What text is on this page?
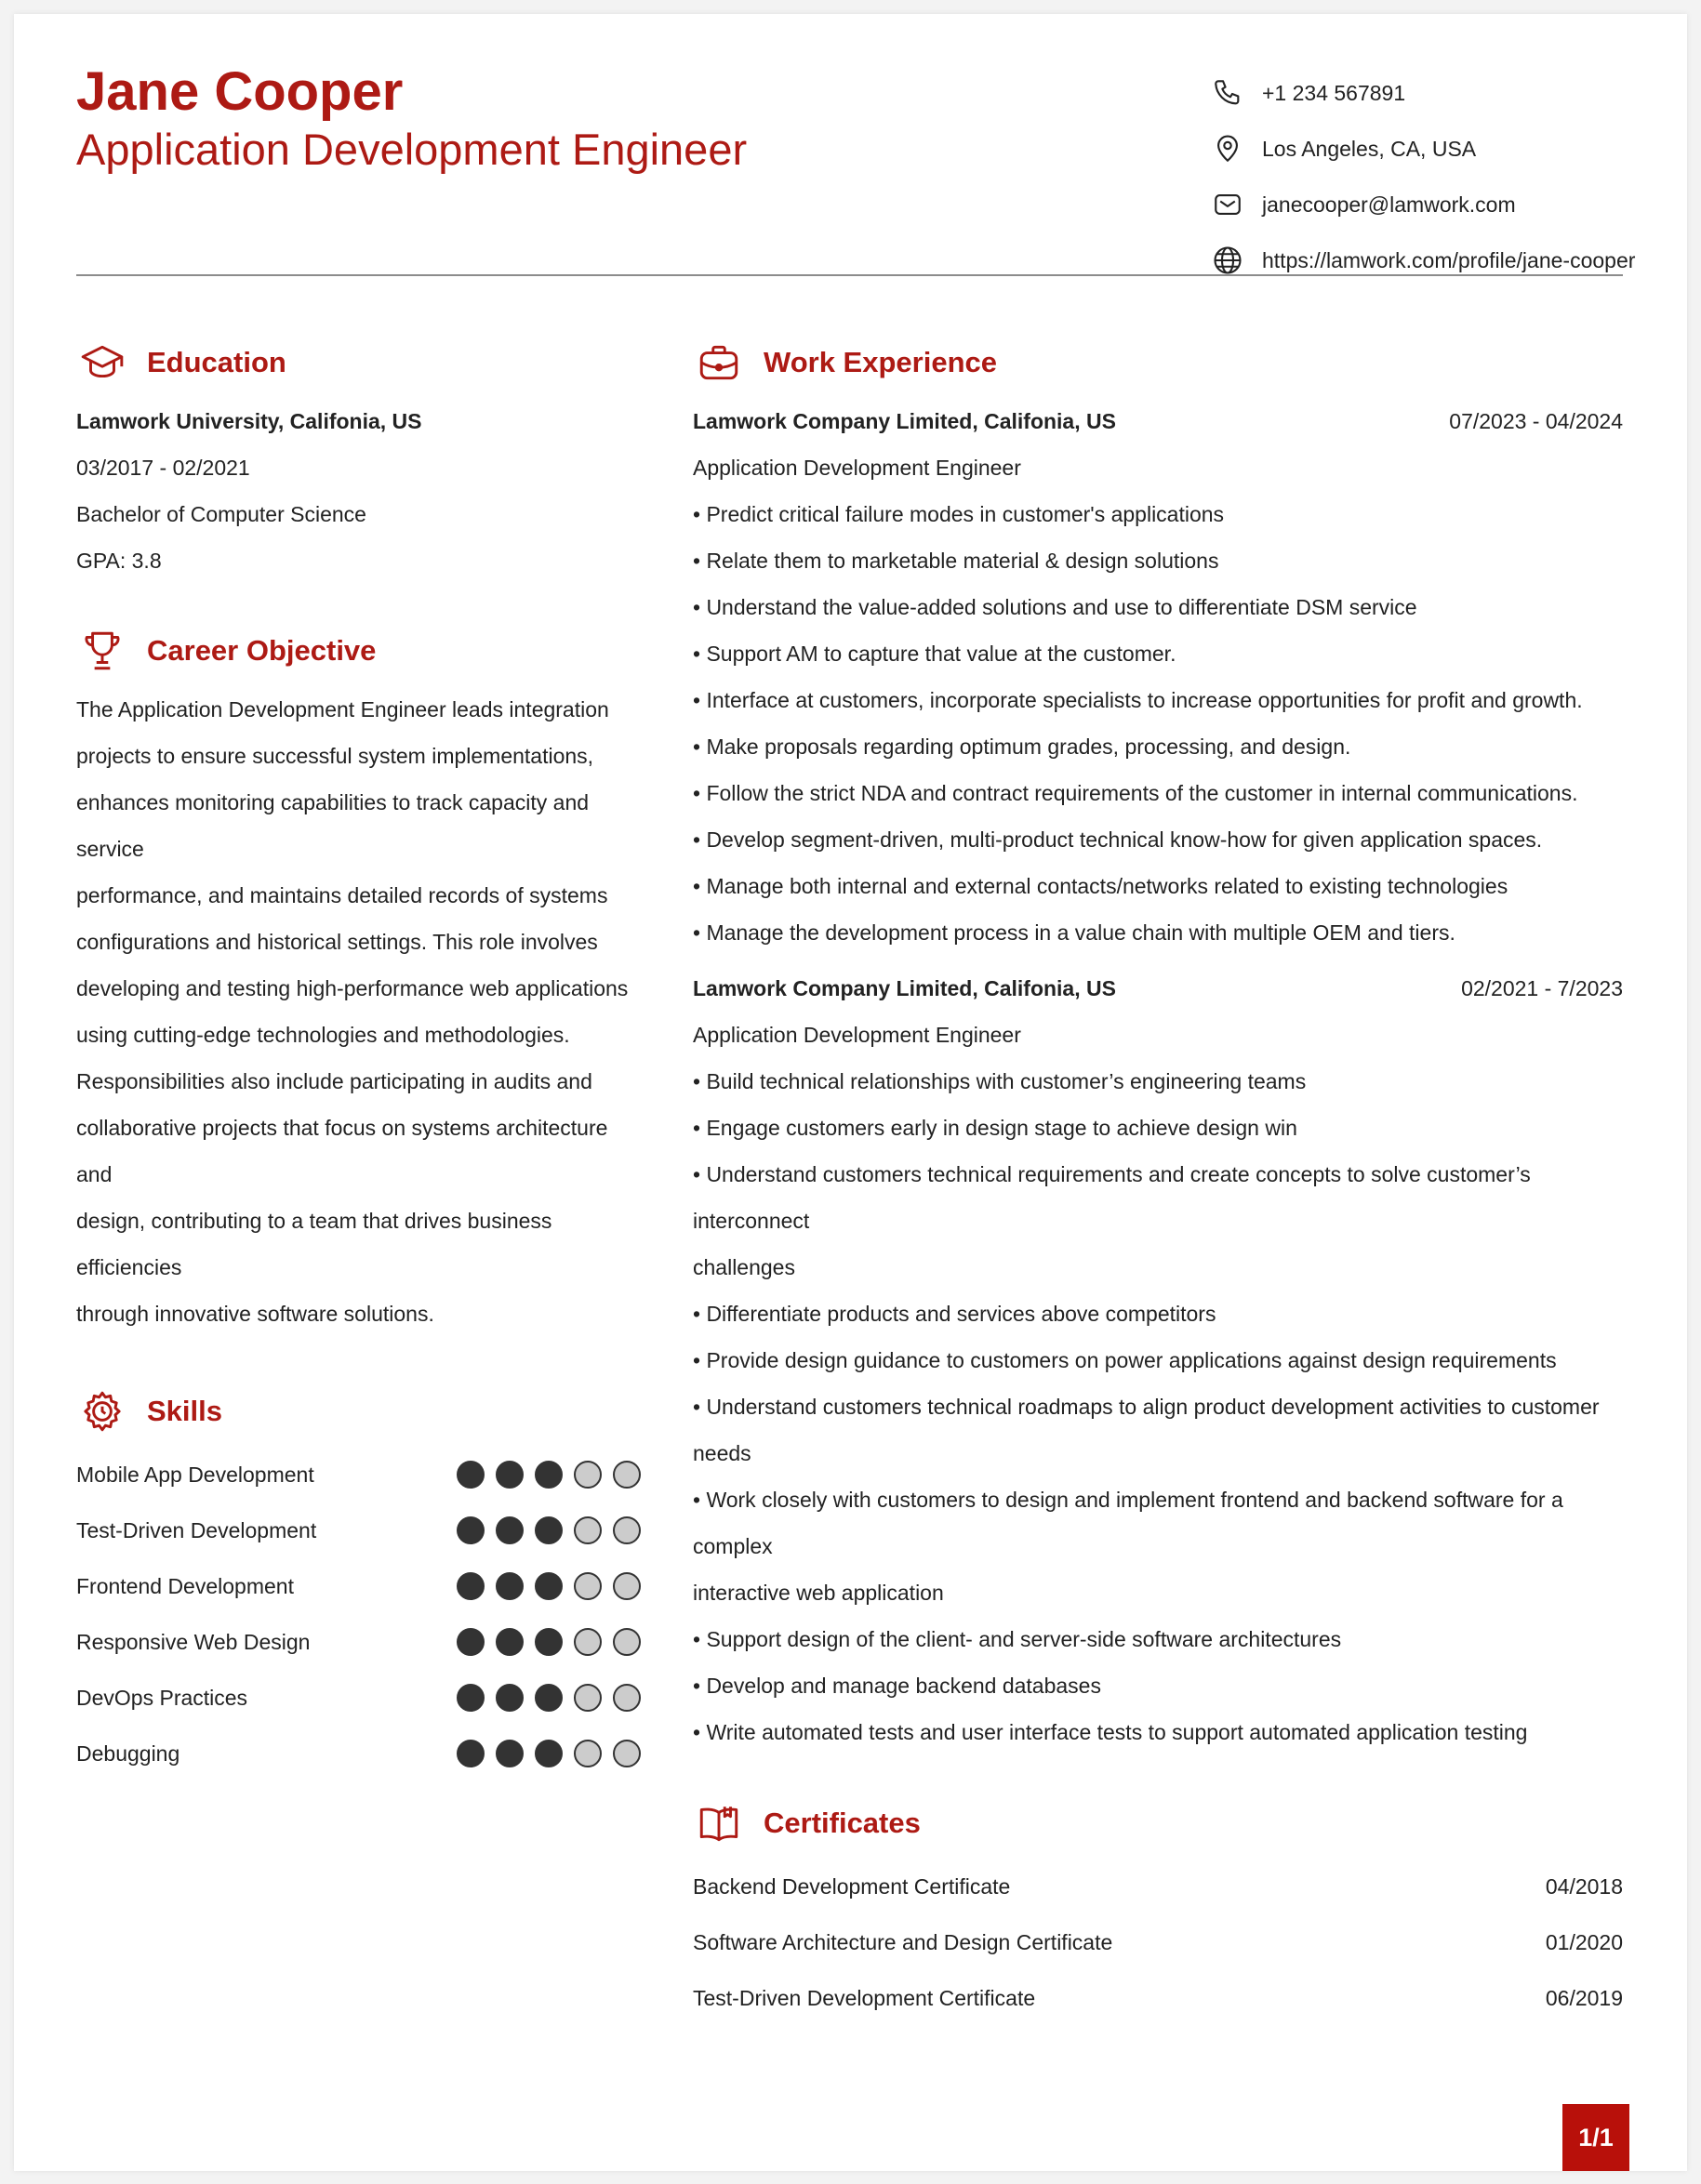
Jane Cooper
Application Development Engineer
+1 234 567891
Los Angeles, CA, USA
janecooper@lamwork.com
https://lamwork.com/profile/jane-cooper
Education
Lamwork University, Califonia, US
03/2017 - 02/2021
Bachelor of Computer Science
GPA: 3.8
Career Objective

The Application Development Engineer leads integration

projects to ensure successful system implementations,

enhances monitoring capabilities to track capacity and service

performance, and maintains detailed records of systems

configurations and historical settings. This role involves

developing and testing high-performance web applications

using cutting-edge technologies and methodologies.

Responsibilities also include participating in audits and

collaborative projects that focus on systems architecture and

design, contributing to a team that drives business efficiencies

through innovative software solutions.

Skills
Mobile App Development
Test-Driven Development
Frontend Development
Responsive Web Design
DevOps Practices
Debugging
Work Experience
Lamwork Company Limited, Califonia, US	07/2023 - 04/2024
Application Development Engineer
• Predict critical failure modes in customer's applications
• Relate them to marketable material & design solutions
• Understand the value-added solutions and use to differentiate DSM service
• Support AM to capture that value at the customer.
• Interface at customers, incorporate specialists to increase opportunities for profit and growth.
• Make proposals regarding optimum grades, processing, and design.
• Follow the strict NDA and contract requirements of the customer in internal communications.
• Develop segment-driven, multi-product technical know-how for given application spaces.
• Manage both internal and external contacts/networks related to existing technologies
• Manage the development process in a value chain with multiple OEM and tiers.
Lamwork Company Limited, Califonia, US	02/2021 - 7/2023
Application Development Engineer
• Build technical relationships with customer’s engineering teams
• Engage customers early in design stage to achieve design win
• Understand customers technical requirements and create concepts to solve customer’s interconnect
challenges
• Differentiate products and services above competitors
• Provide design guidance to customers on power applications against design requirements
• Understand customers technical roadmaps to align product development activities to customer needs
• Work closely with customers to design and implement frontend and backend software for a complex
interactive web application
• Support design of the client- and server-side software architectures
• Develop and manage backend databases
• Write automated tests and user interface tests to support automated application testing
Certificates
Backend Development Certificate	04/2018
Software Architecture and Design Certificate	01/2020
Test-Driven Development Certificate	06/2019
1/1
